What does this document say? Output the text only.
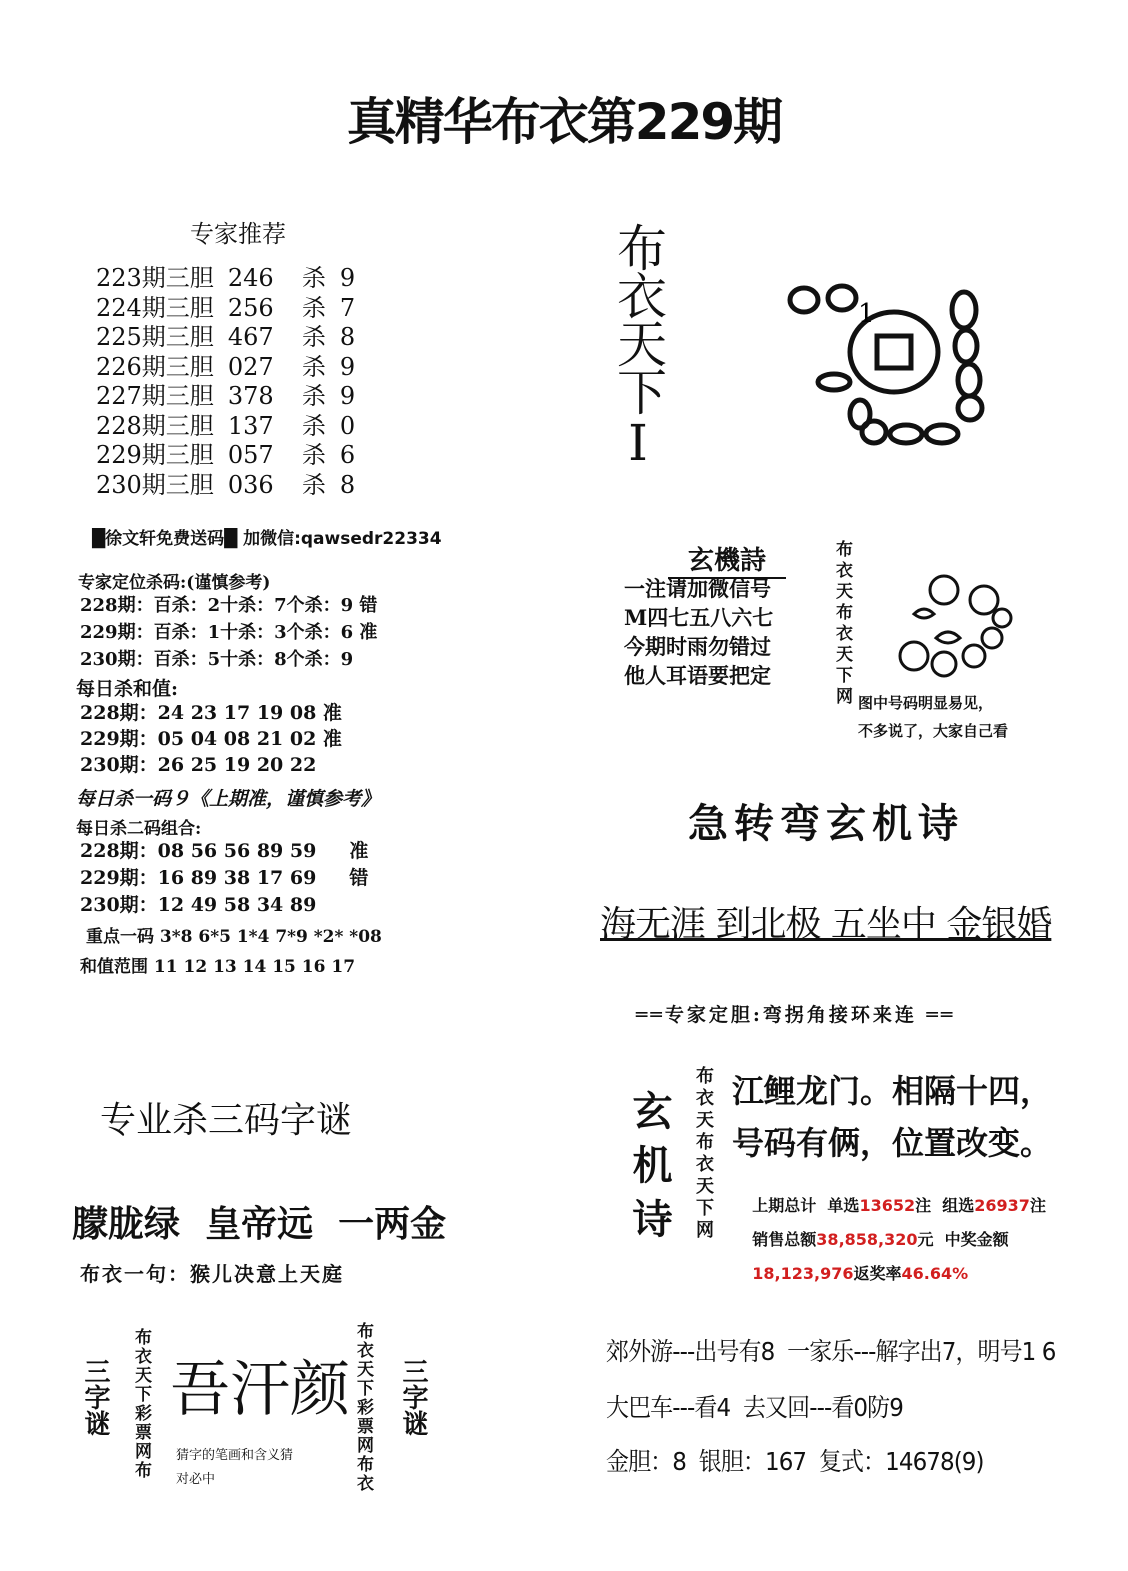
真精华布衣第229期
专家推荐
223期三胆 246 杀 9
224期三胆 256 杀 7
225期三胆 467 杀 8
226期三胆 027 杀 9
227期三胆 378 杀 9
228期三胆 137 杀 0
229期三胆 057 杀 6
230期三胆 036 杀 8
█徐文轩免费送码█ 加微信:qawsedr22334
专家定位杀码:(谨慎参考)
228期：百杀：2十杀：7个杀：9 错
229期：百杀：1十杀：3个杀：6 准
230期：百杀：5十杀：8个杀：9
每日杀和值:
228期：24 23 17 19 08 准
229期：05 04 08 21 02 准
230期：26 25 19 20 22
每日杀一码９《上期准，谨慎参考》
每日杀二码组合:
228期：08 56 56 89 59     准
229期：16 89 38 17 69     错
230期：12 49 58 34 89
重点一码 3*8 6*5 1*4 7*9 *2* *08
和值范围 11 12 13 14 15 16 17
布衣天下I	1
玄機詩
一注请加微信号
M四七五八六七
今期时雨勿错过
他人耳语要把定	布衣天布衣天下网 图中号码明显易见，
不多说了，大家自己看
急转弯玄机诗
海无涯 到北极 五坐中 金银婚
══专家定胆:弯拐角接环来连 ══
玄机诗 布衣天布衣天下网 江鲤龙门。相隔十四，
号码有俩，位置改变。

上期总计  单选13652注  组选26937注

销售总额38,858,320元  中奖金额

18,123,976返奖率46.64%

专业杀三码字谜
朦胧绿  皇帝远  一两金
布衣一句：猴儿决意上天庭
三字谜 布衣天下彩票网布 吾汗颜
猜字的笔画和含义猜
对必中	布衣天下彩票网布衣 三字谜
郊外游---出号有8  一家乐---解字出7，明号1 6
大巴车---看4  去又回---看0防9
金胆：8  银胆：167  复式：14678(9)
